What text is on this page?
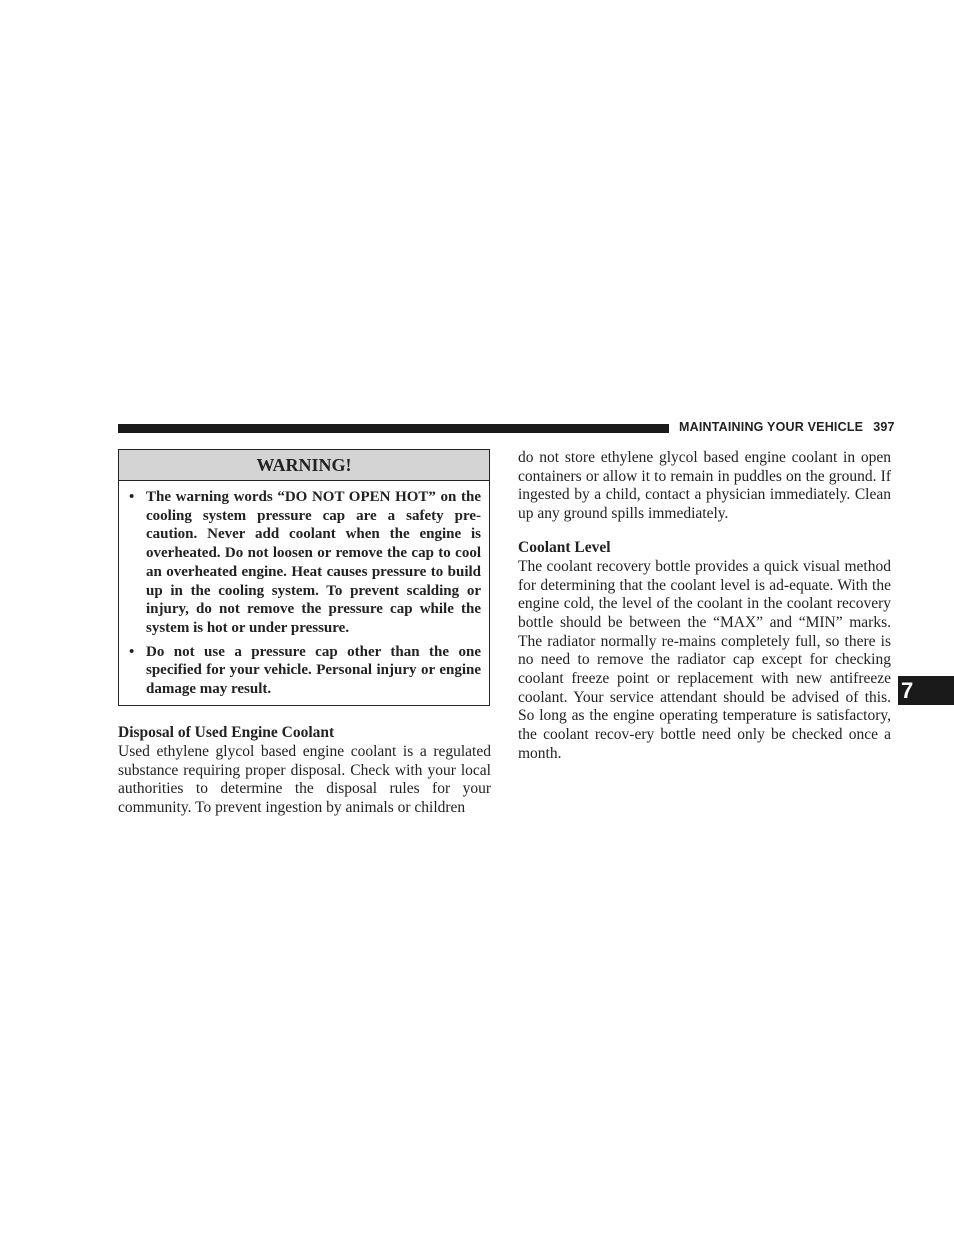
MAINTAINING YOUR VEHICLE 397
WARNING!
• The warning words “DO NOT OPEN HOT” on the cooling system pressure cap are a safety pre-caution. Never add coolant when the engine is overheated. Do not loosen or remove the cap to cool an overheated engine. Heat causes pressure to build up in the cooling system. To prevent scalding or injury, do not remove the pressure cap while the system is hot or under pressure.
• Do not use a pressure cap other than the one specified for your vehicle. Personal injury or engine damage may result.
Disposal of Used Engine Coolant

Used ethylene glycol based engine coolant is a regulated substance requiring proper disposal. Check with your local authorities to determine the disposal rules for your community. To prevent ingestion by animals or children

do not store ethylene glycol based engine coolant in open containers or allow it to remain in puddles on the ground. If ingested by a child, contact a physician immediately. Clean up any ground spills immediately.

Coolant Level

The coolant recovery bottle provides a quick visual method for determining that the coolant level is ad-equate. With the engine cold, the level of the coolant in the coolant recovery bottle should be between the “MAX” and “MIN” marks. The radiator normally re-mains completely full, so there is no need to remove the radiator cap except for checking coolant freeze point or replacement with new antifreeze coolant. Your service attendant should be advised of this. So long as the engine operating temperature is satisfactory, the coolant recov-ery bottle need only be checked once a month.

7
